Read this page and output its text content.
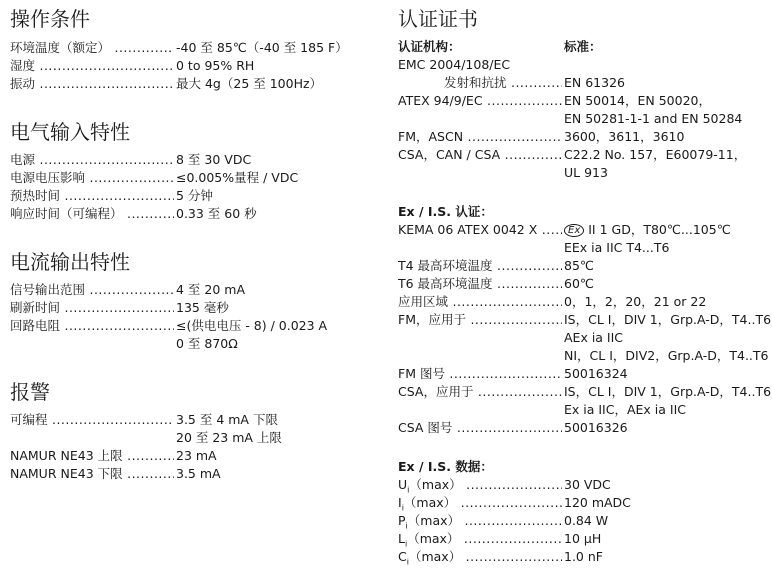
操作条件
环境温度（额定） .....	-40 至 85℃（-40 至 185 F）
湿度 .....	0 to 95% RH
振动 .....	最大 4g（25 至 100Hz）
电气输入特性
电源 .....	8 至 30 VDC
电源电压影响 .....	≤0.005%量程 / VDC
预热时间 .....	5 分钟
响应时间（可编程） .....	0.33 至 60 秒
电流输出特性
信号输出范围 .....	4 至 20 mA
刷新时间 .....	135 毫秒
回路电阻 .....	≤(供电电压 - 8) / 0.023 A
0 至 870Ω
报警
可编程 .....	3.5 至 4 mA 下限
20 至 23 mA 上限
NAMUR NE43 上限 .....	23 mA
NAMUR NE43 下限 .....	3.5 mA
认证证书
认证机构：	标准：
EMC 2004/108/EC
发射和抗扰 .....	EN 61326
ATEX 94/9/EC .....	EN 50014，EN 50020，
EN 50281-1-1 and EN 50284
FM，ASCN .....	3600，3611，3610
CSA，CAN / CSA .....	C22.2 No. 157，E60079-11，
UL 913
Ex / I.S. 认证：
KEMA 06 ATEX 0042 X .....	Ex II 1 GD，T80℃...105℃
EEx ia IIC T4...T6
T4 最高环境温度 .....	85℃
T6 最高环境温度 .....	60℃
应用区域 .....	0，1，2，20，21 or 22
FM，应用于 .....	IS，CL I，DIV 1，Grp.A-D，T4..T6
AEx ia IIC
NI，CL I，DIV2，Grp.A-D，T4..T6
FM 图号 .....	50016324
CSA，应用于 .....	IS，CL I，DIV 1，Grp.A-D，T4..T6
Ex ia IIC，AEx ia IIC
CSA 图号 .....	50016326
Ex / I.S. 数据：
$U_i(\max)$ .....	30 VDC
$I_i(\max)$ .....	120 mADC
$P_i(\max)$ .....	0.84 W
$L_i(\max)$ .....	10 μH
$C_i(\max)$ .....	1.0 nF
